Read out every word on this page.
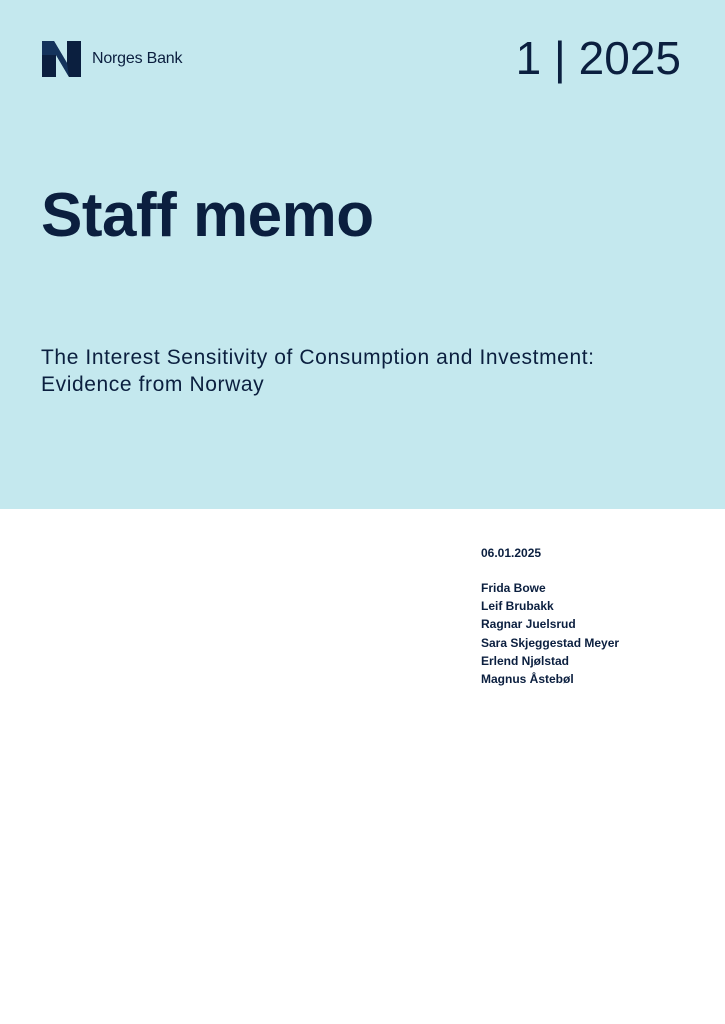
Norges Bank	1 | 2025
Staff memo
The Interest Sensitivity of Consumption and Investment:
Evidence from Norway
06.01.2025
Frida Bowe
Leif Brubakk
Ragnar Juelsrud
Sara Skjeggestad Meyer
Erlend Njølstad
Magnus Åstebøl
